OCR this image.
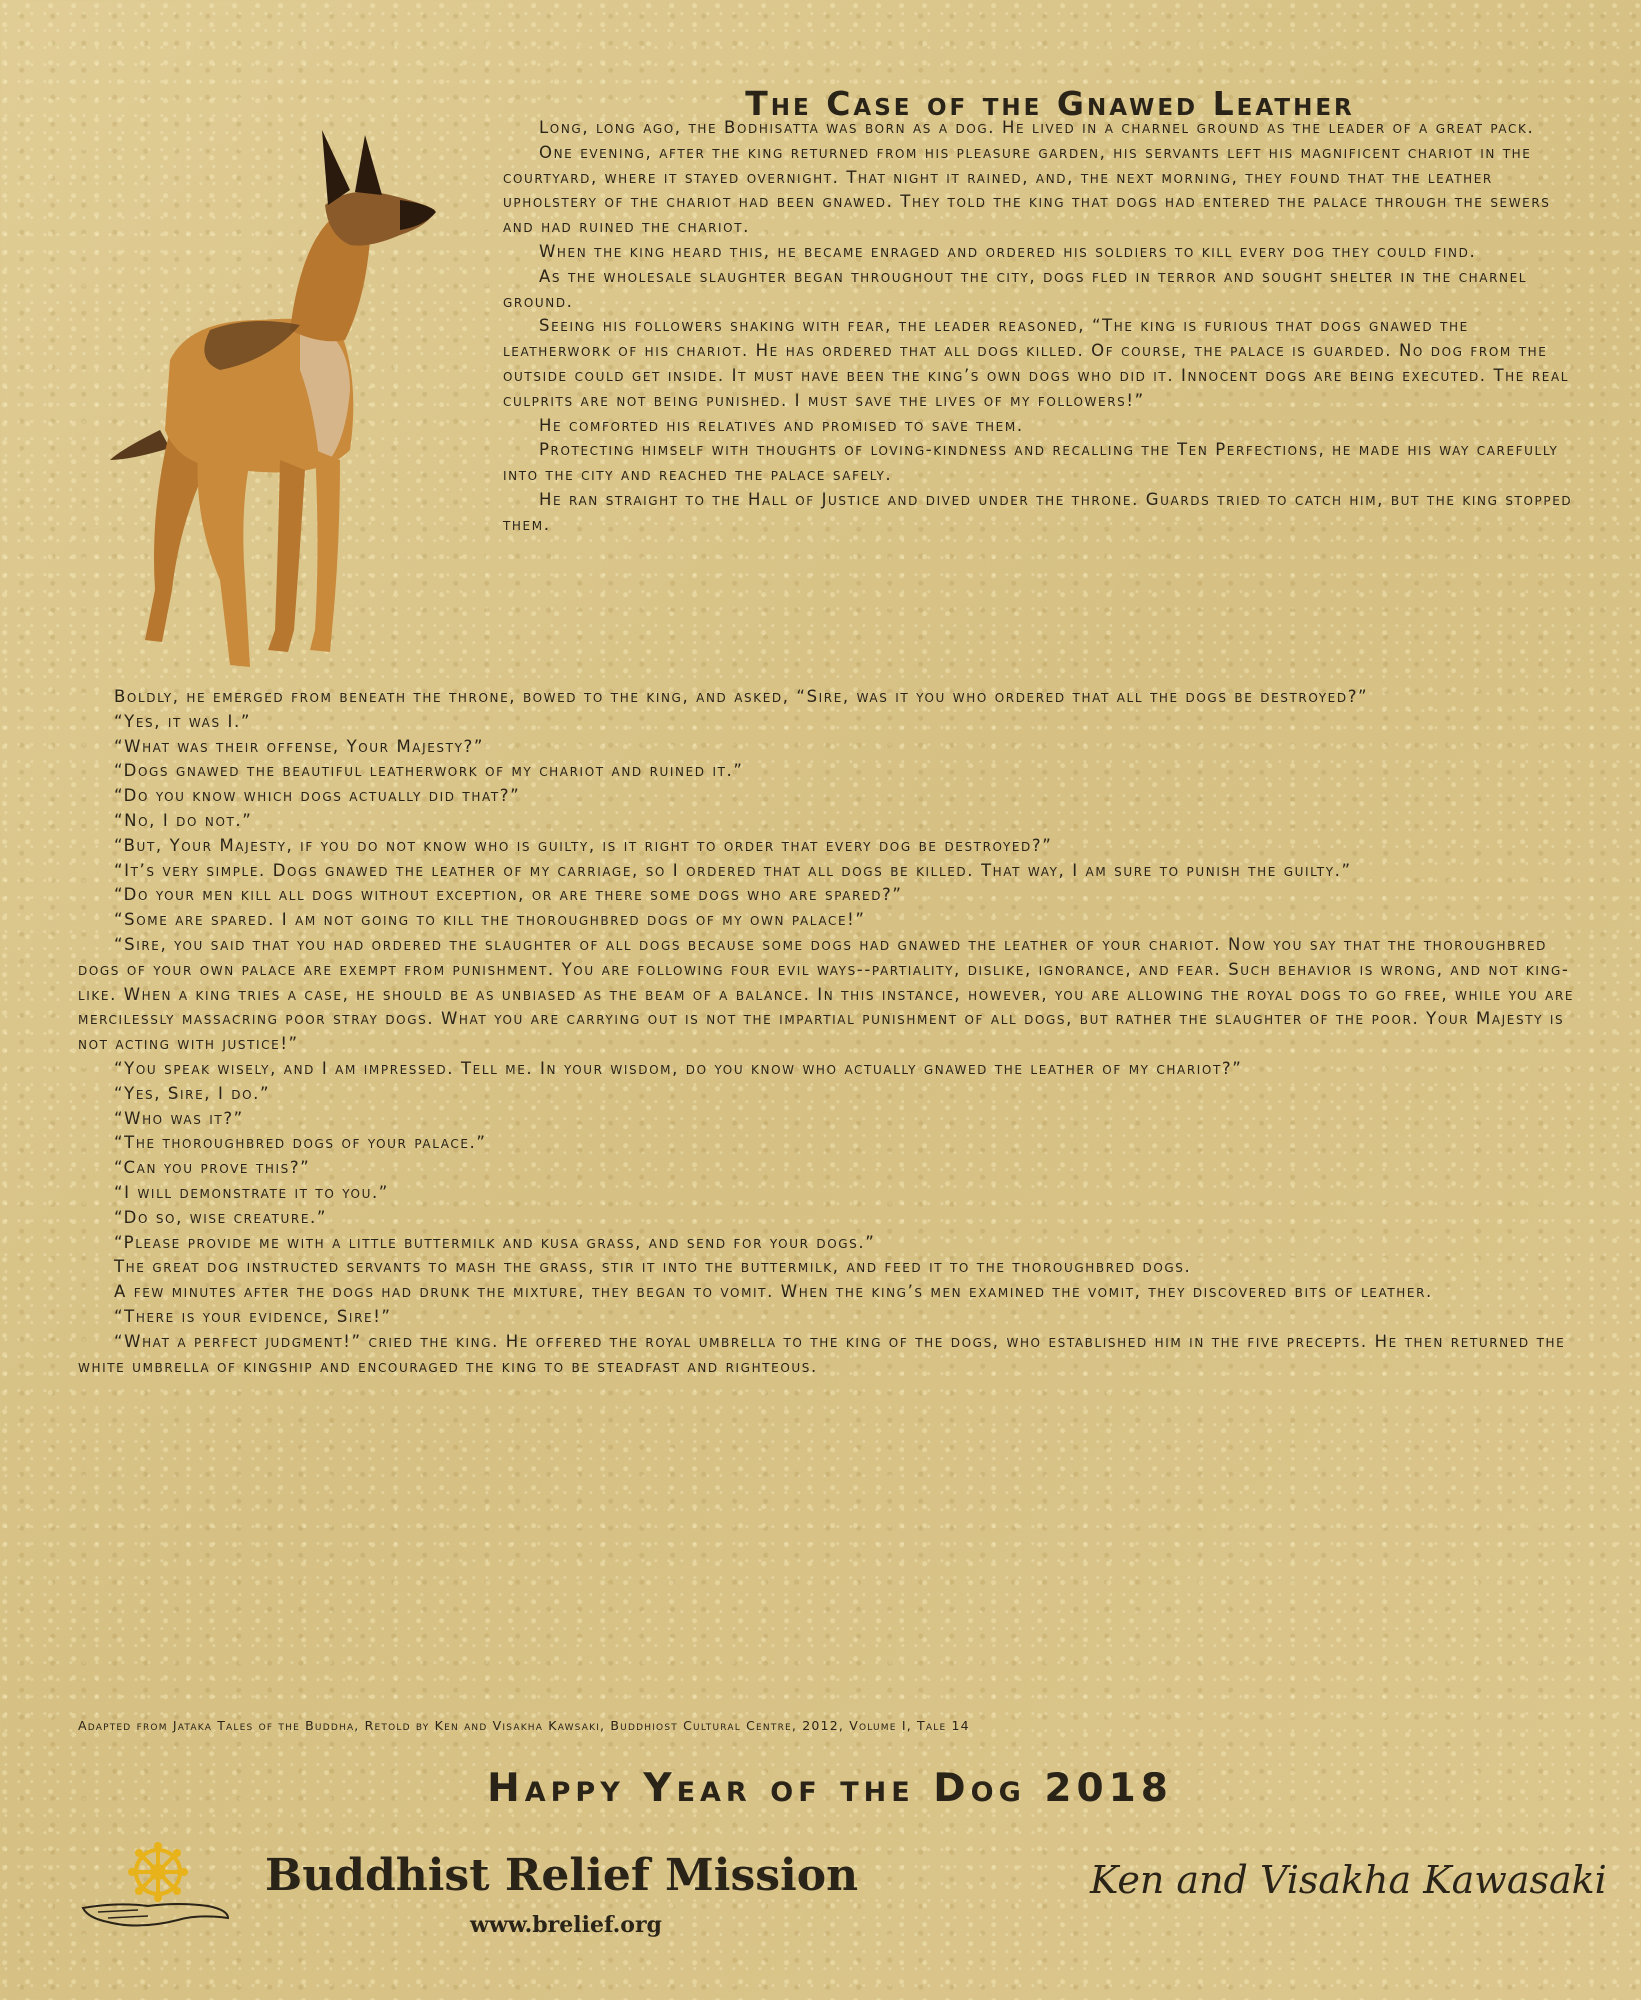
The Case of the Gnawed Leather

Long, long ago, the Bodhisatta was born as a dog. He lived in a charnel ground as the leader of a great pack.

One evening, after the king returned from his pleasure garden, his servants left his magnificent chariot in the courtyard, where it stayed overnight. That night it rained, and, the next morning, they found that the leather upholstery of the chariot had been gnawed. They told the king that dogs had entered the palace through the sewers and had ruined the chariot.

When the king heard this, he became enraged and ordered his soldiers to kill every dog they could find.

As the wholesale slaughter began throughout the city, dogs fled in terror and sought shelter in the charnel ground.

Seeing his followers shaking with fear, the leader reasoned, “The king is furious that dogs gnawed the leatherwork of his chariot. He has ordered that all dogs killed. Of course, the palace is guarded. No dog from the outside could get inside. It must have been the king’s own dogs who did it. Innocent dogs are being executed. The real culprits are not being punished. I must save the lives of my followers!”

He comforted his relatives and promised to save them.

Protecting himself with thoughts of loving-kindness and recalling the Ten Perfections, he made his way carefully into the city and reached the palace safely.

He ran straight to the Hall of Justice and dived under the throne. Guards tried to catch him, but the king stopped them.

Boldly, he emerged from beneath the throne, bowed to the king, and asked, “Sire, was it you who ordered that all the dogs be destroyed?”

“Yes, it was I.”

“What was their offense, Your Majesty?”

“Dogs gnawed the beautiful leatherwork of my chariot and ruined it.”

“Do you know which dogs actually did that?”

“No, I do not.”

“But, Your Majesty, if you do not know who is guilty, is it right to order that every dog be destroyed?”

“It’s very simple. Dogs gnawed the leather of my carriage, so I ordered that all dogs be killed. That way, I am sure to punish the guilty.”

“Do your men kill all dogs without exception, or are there some dogs who are spared?”

“Some are spared. I am not going to kill the thoroughbred dogs of my own palace!”

“Sire, you said that you had ordered the slaughter of all dogs because some dogs had gnawed the leather of your chariot. Now you say that the thoroughbred dogs of your own palace are exempt from punishment. You are following four evil ways--partiality, dislike, ignorance, and fear. Such behavior is wrong, and not king-like. When a king tries a case, he should be as unbiased as the beam of a balance. In this instance, however, you are allowing the royal dogs to go free, while you are mercilessly massacring poor stray dogs. What you are carrying out is not the impartial punishment of all dogs, but rather the slaughter of the poor. Your Majesty is not acting with justice!”

“You speak wisely, and I am impressed. Tell me. In your wisdom, do you know who actually gnawed the leather of my chariot?”

“Yes, Sire, I do.”

“Who was it?”

“The thoroughbred dogs of your palace.”

“Can you prove this?”

“I will demonstrate it to you.”

“Do so, wise creature.”

“Please provide me with a little buttermilk and kusa grass, and send for your dogs.”

The great dog instructed servants to mash the grass, stir it into the buttermilk, and feed it to the thoroughbred dogs.

A few minutes after the dogs had drunk the mixture, they began to vomit. When the king’s men examined the vomit, they discovered bits of leather.

“There is your evidence, Sire!”

“What a perfect judgment!” cried the king. He offered the royal umbrella to the king of the dogs, who established him in the five precepts. He then returned the white umbrella of kingship and encouraged the king to be steadfast and righteous.

Adapted from Jataka Tales of the Buddha, Retold by Ken and Visakha Kawsaki, Buddhiost Cultural Centre, 2012, Volume I, Tale 14
Happy Year of the Dog 2018
Buddhist Relief Mission
www.brelief.org
Ken and Visakha Kawasaki
